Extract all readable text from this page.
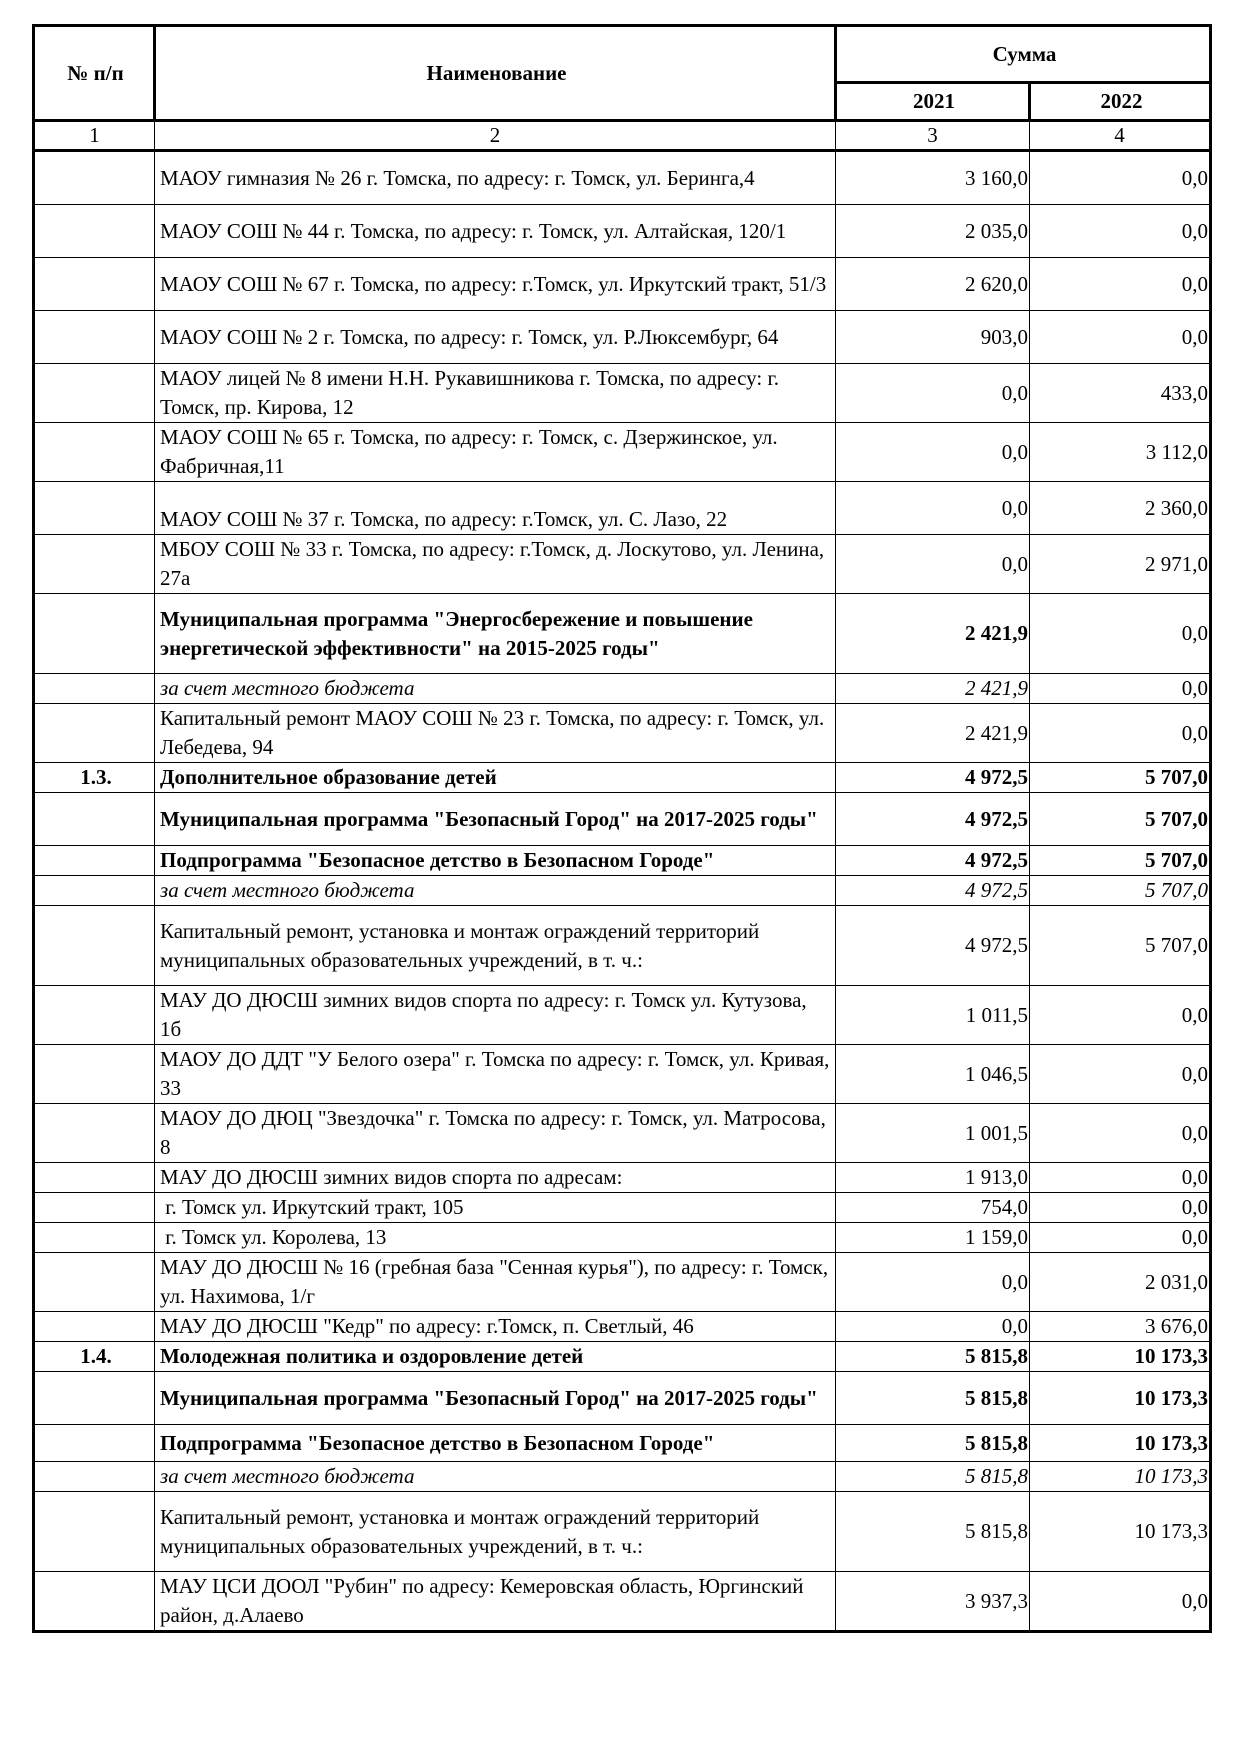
№ п/п	Наименование	Сумма	
		2021	2022
1	2	3	4
	МАОУ гимназия № 26 г. Томска, по адресу: г. Томск, ул. Беринга,4	3 160,0	0,0
	МАОУ СОШ № 44 г. Томска, по адресу: г. Томск, ул. Алтайская, 120/1	2 035,0	0,0
	МАОУ СОШ № 67 г. Томска, по адресу: г.Томск, ул. Иркутский тракт, 51/3	2 620,0	0,0
	МАОУ СОШ № 2 г. Томска, по адресу: г. Томск, ул. Р.Люксембург, 64	903,0	0,0
	МАОУ лицей № 8 имени Н.Н. Рукавишникова г. Томска, по адресу: г. Томск, пр. Кирова, 12	0,0	433,0
	МАОУ СОШ № 65 г. Томска, по адресу: г. Томск, с. Дзержинское, ул. Фабричная,11	0,0	3 112,0
	МАОУ СОШ № 37 г. Томска, по адресу: г.Томск, ул. С. Лазо, 22	0,0	2 360,0
	МБОУ СОШ № 33 г. Томска, по адресу: г.Томск, д. Лоскутово, ул. Ленина, 27а	0,0	2 971,0
	Муниципальная программа "Энергосбережение и повышение энергетической эффективности" на 2015-2025 годы"	2 421,9	0,0
	за счет местного бюджета	2 421,9	0,0
	Капитальный ремонт МАОУ СОШ № 23 г. Томска, по адресу: г. Томск, ул. Лебедева, 94	2 421,9	0,0
1.3.	Дополнительное образование детей	4 972,5	5 707,0
	Муниципальная программа "Безопасный Город" на 2017-2025 годы"	4 972,5	5 707,0
	Подпрограмма "Безопасное детство в Безопасном Городе"	4 972,5	5 707,0
	за счет местного бюджета	4 972,5	5 707,0
	Капитальный ремонт, установка и монтаж ограждений территорий муниципальных образовательных учреждений, в т. ч.:	4 972,5	5 707,0
	МАУ ДО ДЮСШ зимних видов спорта по адресу: г. Томск ул. Кутузова, 1б	1 011,5	0,0
	МАОУ ДО ДДТ "У Белого озера" г. Томска по адресу: г. Томск, ул. Кривая, 33	1 046,5	0,0
	МАОУ ДО ДЮЦ "Звездочка" г. Томска по адресу: г. Томск, ул. Матросова, 8	1 001,5	0,0
	МАУ ДО ДЮСШ зимних видов спорта по адресам:	1 913,0	0,0
	г. Томск ул. Иркутский тракт, 105	754,0	0,0
	г. Томск ул. Королева, 13	1 159,0	0,0
	МАУ ДО ДЮСШ № 16 (гребная база "Сенная курья"), по адресу: г. Томск, ул. Нахимова, 1/г	0,0	2 031,0
	МАУ ДО ДЮСШ "Кедр" по адресу: г.Томск, п. Светлый, 46	0,0	3 676,0
1.4.	Молодежная политика и оздоровление детей	5 815,8	10 173,3
	Муниципальная программа "Безопасный Город" на 2017-2025 годы"	5 815,8	10 173,3
	Подпрограмма "Безопасное детство в Безопасном Городе"	5 815,8	10 173,3
	за счет местного бюджета	5 815,8	10 173,3
	Капитальный ремонт, установка и монтаж ограждений территорий муниципальных образовательных учреждений, в т. ч.:	5 815,8	10 173,3
	МАУ ЦСИ ДООЛ "Рубин" по адресу: Кемеровская область, Юргинский район, д.Алаево	3 937,3	0,0
